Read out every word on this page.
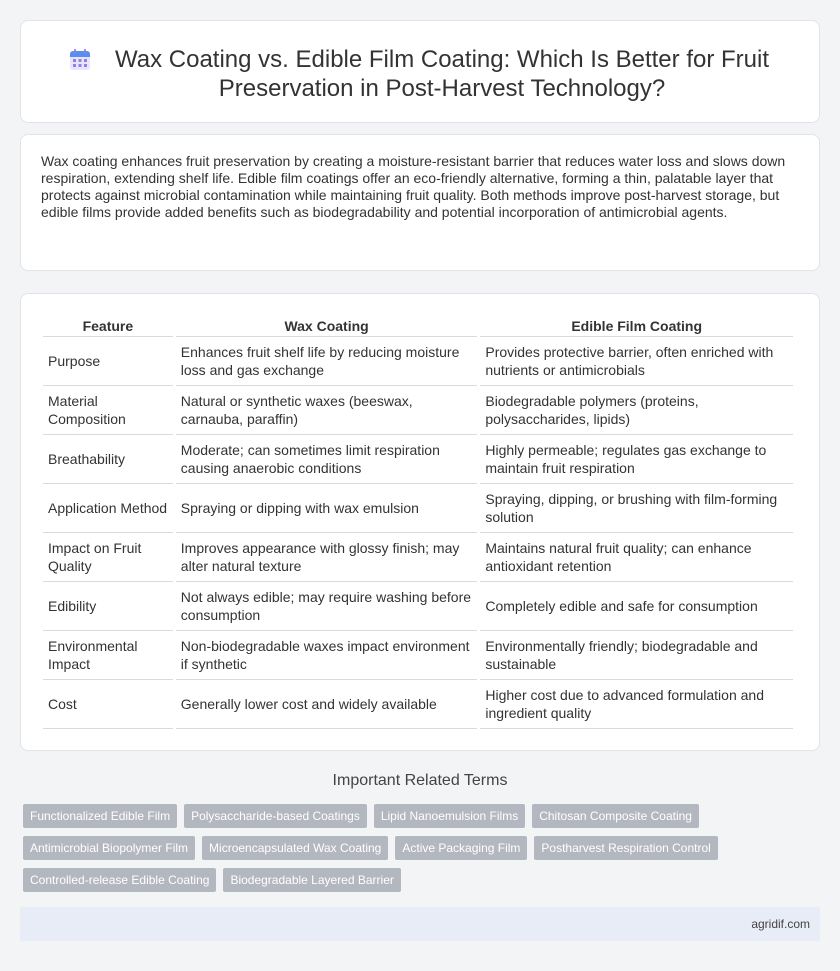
Wax Coating vs. Edible Film Coating: Which Is Better for Fruit Preservation in Post-Harvest Technology?

Wax coating enhances fruit preservation by creating a moisture-resistant barrier that reduces water loss and slows down respiration, extending shelf life. Edible film coatings offer an eco-friendly alternative, forming a thin, palatable layer that protects against microbial contamination while maintaining fruit quality. Both methods improve post-harvest storage, but edible films provide added benefits such as biodegradability and potential incorporation of antimicrobial agents.

Feature	Wax Coating	Edible Film Coating
Purpose	Enhances fruit shelf life by reducing moisture loss and gas exchange	Provides protective barrier, often enriched with nutrients or antimicrobials
Material Composition	Natural or synthetic waxes (beeswax, carnauba, paraffin)	Biodegradable polymers (proteins, polysaccharides, lipids)
Breathability	Moderate; can sometimes limit respiration causing anaerobic conditions	Highly permeable; regulates gas exchange to maintain fruit respiration
Application Method	Spraying or dipping with wax emulsion	Spraying, dipping, or brushing with film-forming solution
Impact on Fruit Quality	Improves appearance with glossy finish; may alter natural texture	Maintains natural fruit quality; can enhance antioxidant retention
Edibility	Not always edible; may require washing before consumption	Completely edible and safe for consumption
Environmental Impact	Non-biodegradable waxes impact environment if synthetic	Environmentally friendly; biodegradable and sustainable
Cost	Generally lower cost and widely available	Higher cost due to advanced formulation and ingredient quality
Important Related Terms
Functionalized Edible Film	Polysaccharide-based Coatings	Lipid Nanoemulsion Films	Chitosan Composite Coating
Antimicrobial Biopolymer Film	Microencapsulated Wax Coating	Active Packaging Film	Postharvest Respiration Control
Controlled-release Edible Coating	Biodegradable Layered Barrier
agridif.com
